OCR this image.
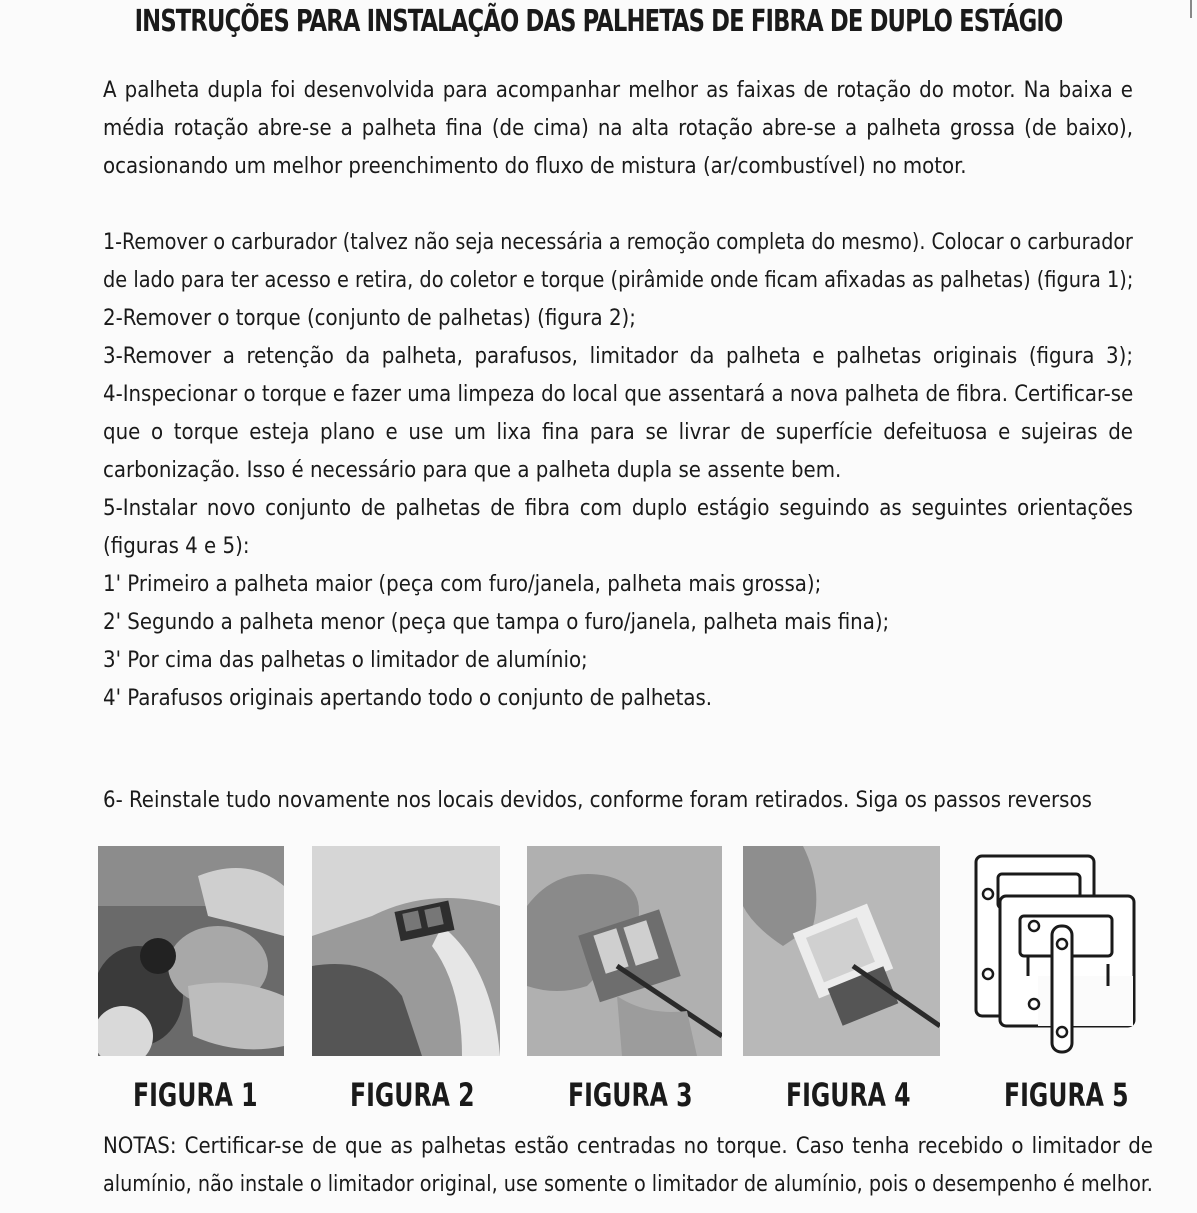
INSTRUÇÕES PARA INSTALAÇÃO DAS PALHETAS DE FIBRA DE DUPLO ESTÁGIO
A palheta dupla foi desenvolvida para acompanhar melhor as faixas de rotação do motor. Na baixa e
média rotação abre-se a palheta fina (de cima) na alta rotação abre-se a palheta grossa (de baixo),
ocasionando um melhor preenchimento do fluxo de mistura (ar/combustível) no motor.
1-Remover o carburador (talvez não seja necessária a remoção completa do mesmo). Colocar o carburador
de lado para ter acesso e retira, do coletor e torque (pirâmide onde ficam afixadas as palhetas) (figura 1);
2-Remover o torque (conjunto de palhetas) (figura 2);
3-Remover a retenção da palheta, parafusos, limitador da palheta e palhetas originais (figura 3);
4-Inspecionar o torque e fazer uma limpeza do local que assentará a nova palheta de fibra. Certificar-se
que o torque esteja plano e use um lixa fina para se livrar de superfície defeituosa e sujeiras de
carbonização. Isso é necessário para que a palheta dupla se assente bem.
5-Instalar novo conjunto de palhetas de fibra com duplo estágio seguindo as seguintes orientações
(figuras 4 e 5):
1' Primeiro a palheta maior (peça com furo/janela, palheta mais grossa);
2' Segundo a palheta menor (peça que tampa o furo/janela, palheta mais fina);
3' Por cima das palhetas o limitador de alumínio;
4' Parafusos originais apertando todo o conjunto de palhetas.
6- Reinstale tudo novamente nos locais devidos, conforme foram retirados. Siga os passos reversos
FIGURA 1	FIGURA 2	FIGURA 3	FIGURA 4	FIGURA 5
NOTAS: Certificar-se de que as palhetas estão centradas no torque. Caso tenha recebido o limitador de
alumínio, não instale o limitador original, use somente o limitador de alumínio, pois o desempenho é melhor.
